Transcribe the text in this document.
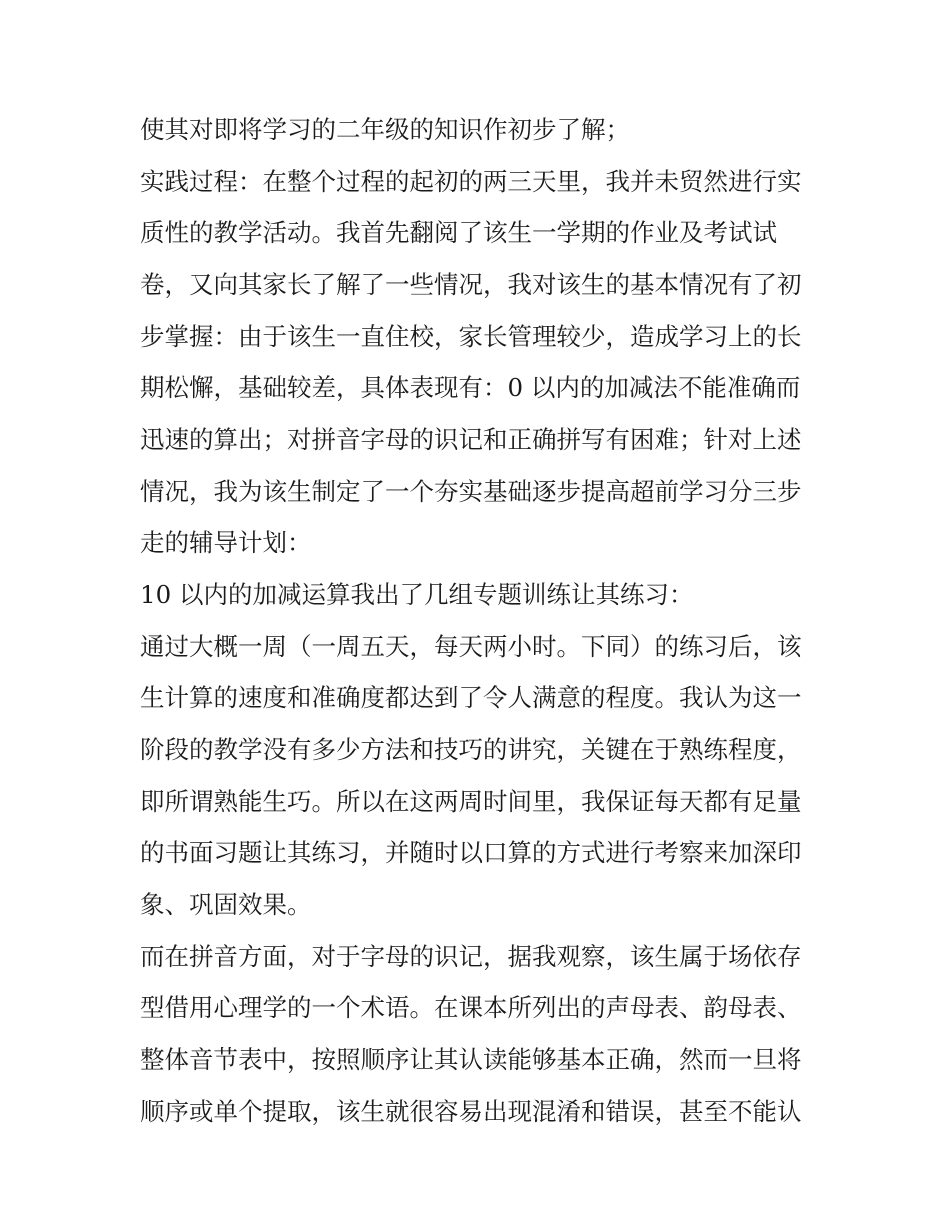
使其对即将学习的二年级的知识作初步了解；
实践过程：在整个过程的起初的两三天里，我并未贸然进行实
质性的教学活动。我首先翻阅了该生一学期的作业及考试试
卷，又向其家长了解了一些情况，我对该生的基本情况有了初
步掌握：由于该生一直住校，家长管理较少，造成学习上的长
期松懈，基础较差，具体表现有：0 以内的加减法不能准确而
迅速的算出；对拼音字母的识记和正确拼写有困难；针对上述
情况，我为该生制定了一个夯实基础逐步提高超前学习分三步
走的辅导计划：
10 以内的加减运算我出了几组专题训练让其练习：
通过大概一周（一周五天，每天两小时。下同）的练习后，该
生计算的速度和准确度都达到了令人满意的程度。我认为这一
阶段的教学没有多少方法和技巧的讲究，关键在于熟练程度，
即所谓熟能生巧。所以在这两周时间里，我保证每天都有足量
的书面习题让其练习，并随时以口算的方式进行考察来加深印
象、巩固效果。
而在拼音方面，对于字母的识记，据我观察，该生属于场依存
型借用心理学的一个术语。在课本所列出的声母表、韵母表、
整体音节表中，按照顺序让其认读能够基本正确，然而一旦将
顺序或单个提取，该生就很容易出现混淆和错误，甚至不能认
